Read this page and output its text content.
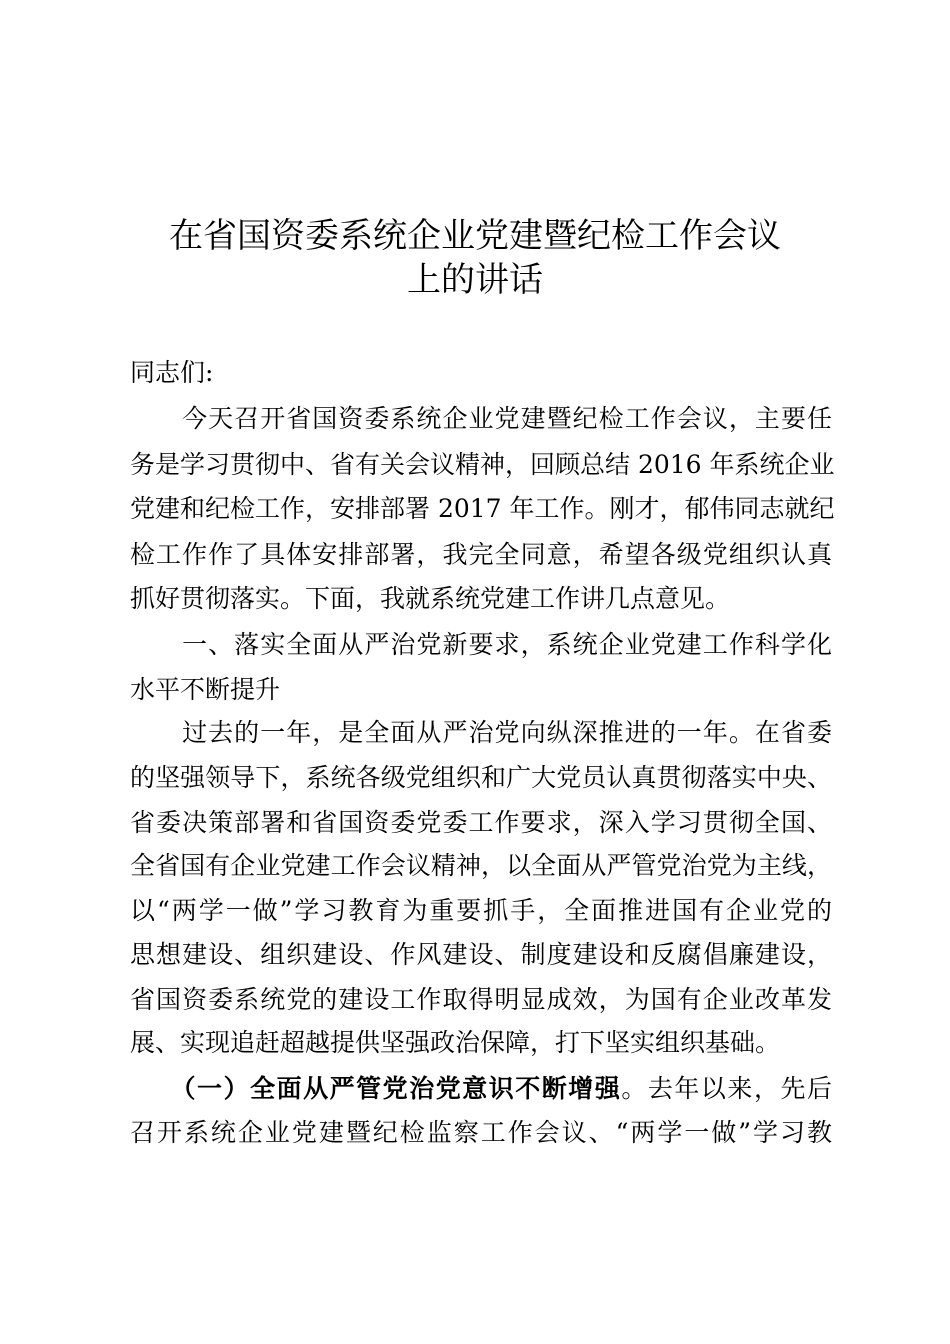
在省国资委系统企业党建暨纪检工作会议
上的讲话
同志们:
　　今天召开省国资委系统企业党建暨纪检工作会议，主要任
务是学习贯彻中、省有关会议精神，回顾总结 2016 年系统企业
党建和纪检工作，安排部署 2017 年工作。刚才，郁伟同志就纪
检工作作了具体安排部署，我完全同意，希望各级党组织认真
抓好贯彻落实。下面，我就系统党建工作讲几点意见。
　　一、落实全面从严治党新要求，系统企业党建工作科学化
水平不断提升
　　过去的一年，是全面从严治党向纵深推进的一年。在省委
的坚强领导下，系统各级党组织和广大党员认真贯彻落实中央、
省委决策部署和省国资委党委工作要求，深入学习贯彻全国、
全省国有企业党建工作会议精神，以全面从严管党治党为主线，
以“两学一做”学习教育为重要抓手，全面推进国有企业党的
思想建设、组织建设、作风建设、制度建设和反腐倡廉建设，
省国资委系统党的建设工作取得明显成效，为国有企业改革发
展、实现追赶超越提供坚强政治保障，打下坚实组织基础。
　　（一）全面从严管党治党意识不断增强。去年以来，先后
召开系统企业党建暨纪检监察工作会议、“两学一做”学习教
